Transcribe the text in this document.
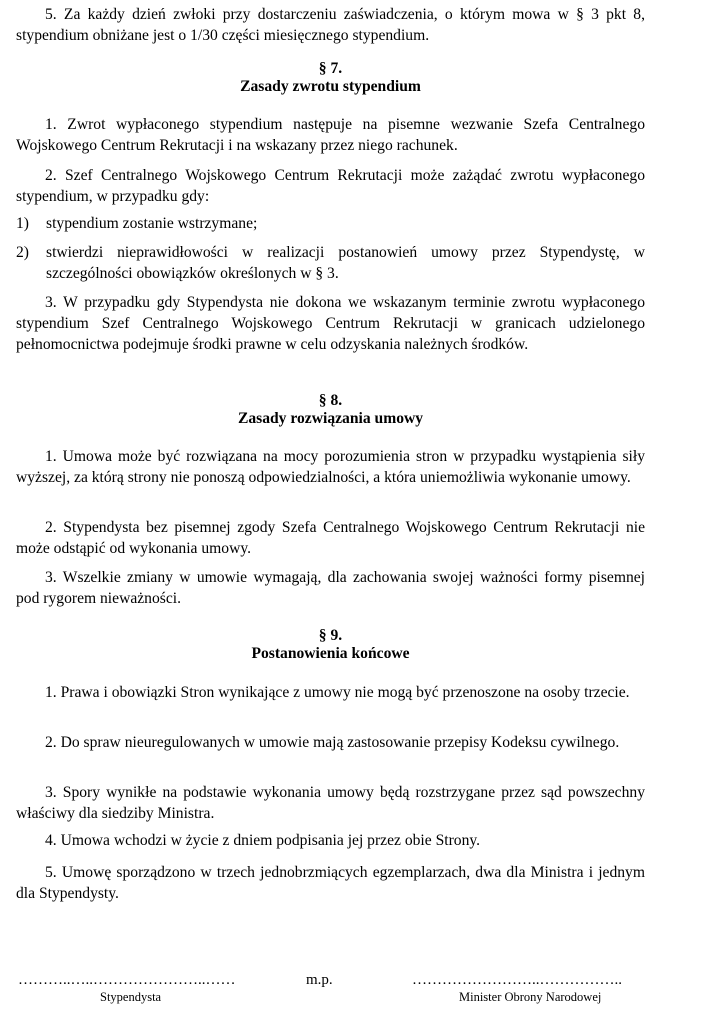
5. Za każdy dzień zwłoki przy dostarczeniu zaświadczenia, o którym mowa w § 3 pkt 8, stypendium obniżane jest o 1/30 części miesięcznego stypendium.

§ 7.

Zasady zwrotu stypendium

1. Zwrot wypłaconego stypendium następuje na pisemne wezwanie Szefa Centralnego Wojskowego Centrum Rekrutacji i na wskazany przez niego rachunek.

2. Szef Centralnego Wojskowego Centrum Rekrutacji może zażądać zwrotu wypłaconego stypendium, w przypadku gdy:

1) stypendium zostanie wstrzymane;
2) stwierdzi nieprawidłowości w realizacji postanowień umowy przez Stypendystę, w szczególności obowiązków określonych w § 3.

3. W przypadku gdy Stypendysta nie dokona we wskazanym terminie zwrotu wypłaconego stypendium Szef Centralnego Wojskowego Centrum Rekrutacji w granicach udzielonego pełnomocnictwa podejmuje środki prawne w celu odzyskania należnych środków.

§ 8.

Zasady rozwiązania umowy

1. Umowa może być rozwiązana na mocy porozumienia stron w przypadku wystąpienia siły wyższej, za którą strony nie ponoszą odpowiedzialności, a która uniemożliwia wykonanie umowy.

2. Stypendysta bez pisemnej zgody Szefa Centralnego Wojskowego Centrum Rekrutacji nie może odstąpić od wykonania umowy.

3. Wszelkie zmiany w umowie wymagają, dla zachowania swojej ważności formy pisemnej pod rygorem nieważności.

§ 9.

Postanowienia końcowe

1. Prawa i obowiązki Stron wynikające z umowy nie mogą być przenoszone na osoby trzecie.

2. Do spraw nieuregulowanych w umowie mają zastosowanie przepisy Kodeksu cywilnego.

3. Spory wynikłe na podstawie wykonania umowy będą rozstrzygane przez sąd powszechny właściwy dla siedziby Ministra.

4. Umowa wchodzi w życie z dniem podpisania jej przez obie Strony.

5. Umowę sporządzono w trzech jednobrzmiących egzemplarzach, dwa dla Ministra i jednym dla Stypendysty.

………..…..…………………..……	m.p.	……………………..……………..
Stypendysta	Minister Obrony Narodowej
